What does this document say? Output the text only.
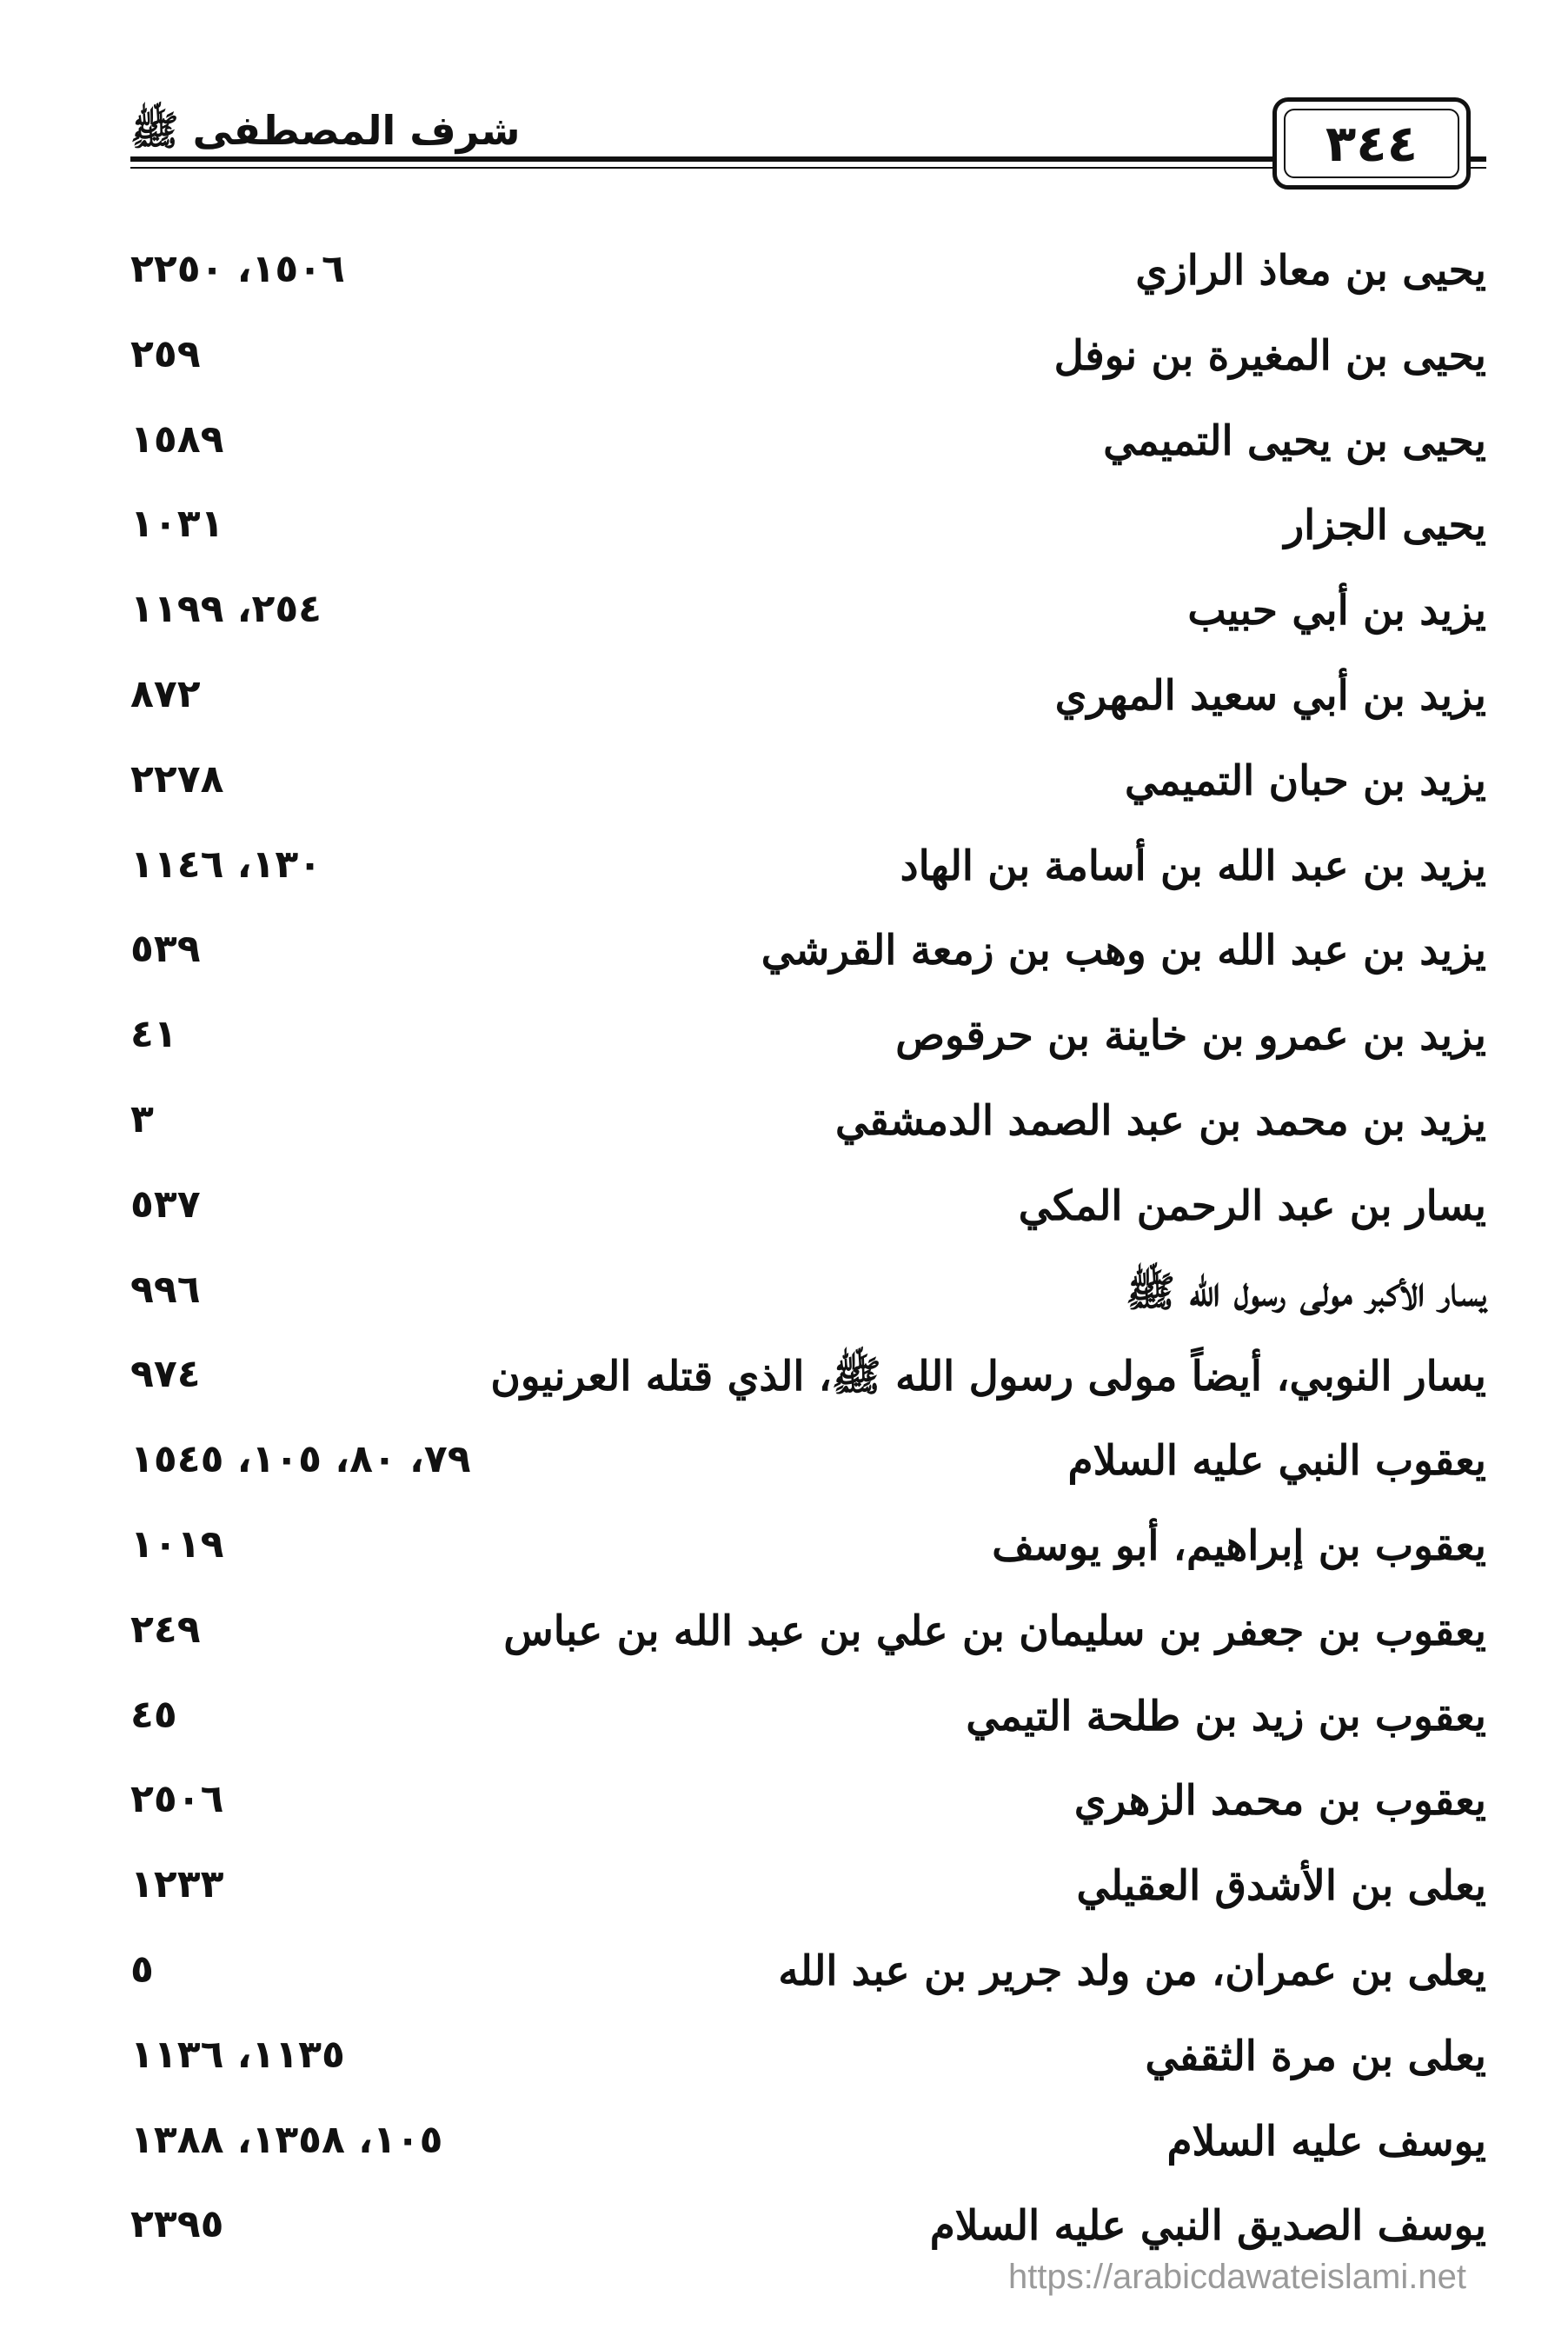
شرف المصطفى ﷺ	٣٤٤
يحيى بن معاذ الرازي
١٥٠٦، ٢٢٥٠
يحيى بن المغيرة بن نوفل
٢٥٩
يحيى بن يحيى التميمي
١٥٨٩
يحيى الجزار
١٠٣١
يزيد بن أبي حبيب
٢٥٤، ١١٩٩
يزيد بن أبي سعيد المهري
٨٧٢
يزيد بن حبان التميمي
٢٢٧٨
يزيد بن عبد الله بن أسامة بن الهاد
١٣٠، ١١٤٦
يزيد بن عبد الله بن وهب بن زمعة القرشي
٥٣٩
يزيد بن عمرو بن خاينة بن حرقوص
٤١
يزيد بن محمد بن عبد الصمد الدمشقي
٣
يسار بن عبد الرحمن المكي
٥٣٧
يسار الأكبر مولى رسول الله ﷺ
٩٩٦
يسار النوبي، أيضاً مولى رسول الله ﷺ، الذي قتله العرنيون
٩٧٤
يعقوب النبي عليه السلام
٧٩، ٨٠، ١٠٥، ١٥٤٥
يعقوب بن إبراهيم، أبو يوسف
١٠١٩
يعقوب بن جعفر بن سليمان بن علي بن عبد الله بن عباس
٢٤٩
يعقوب بن زيد بن طلحة التيمي
٤٥
يعقوب بن محمد الزهري
٢٥٠٦
يعلى بن الأشدق العقيلي
١٢٣٣
يعلى بن عمران، من ولد جرير بن عبد الله
٥
يعلى بن مرة الثقفي
١١٣٥، ١١٣٦
يوسف عليه السلام
١٠٥، ١٣٥٨، ١٣٨٨
يوسف الصديق النبي عليه السلام
٢٣٩٥
https://arabicdawateislami.net
